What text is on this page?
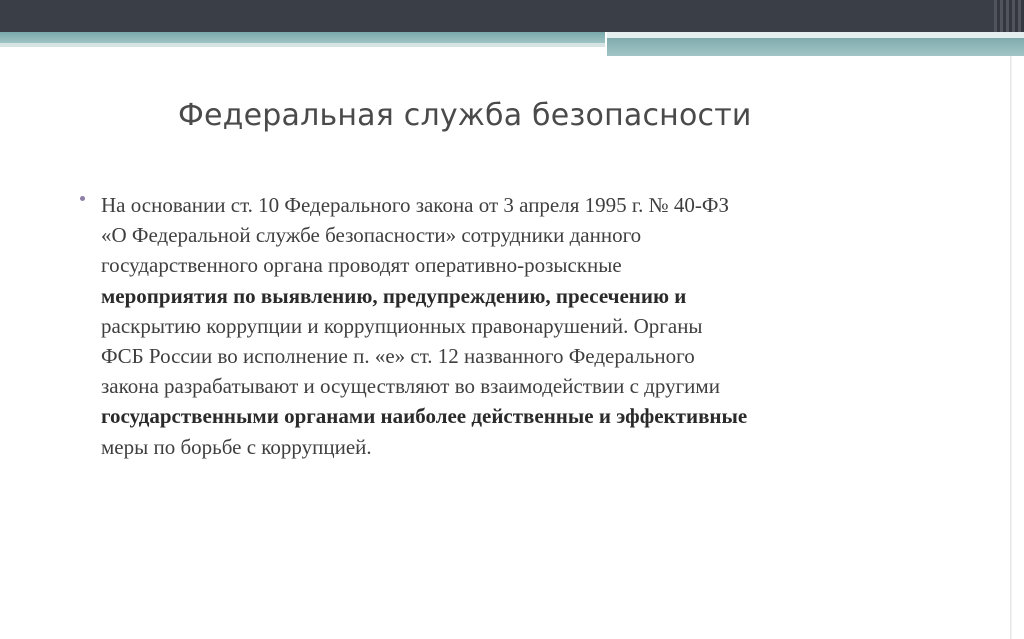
Федеральная служба безопасности

На основании ст. 10 Федерального закона от 3 апреля 1995 г. № 40-ФЗ
«О Федеральной службе безопасности» сотрудники данного
государственного органа проводят оперативно-розыскные
мероприятия по выявлению, предупреждению, пресечению и
раскрытию коррупции и коррупционных правонарушений. Органы
ФСБ России во исполнение п. «е» ст. 12 названного Федерального
закона разрабатывают и осуществляют во взаимодействии с другими
государственными органами наиболее действенные и эффективные
меры по борьбе с коррупцией.
